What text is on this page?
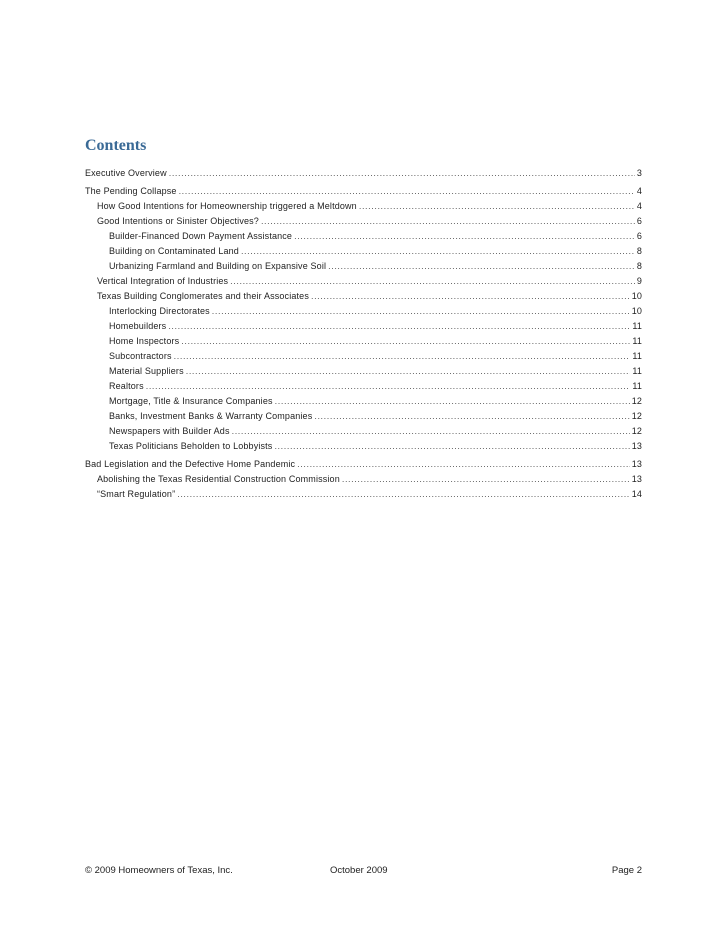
Contents
Executive Overview .....	3
The Pending Collapse .....	4
How Good Intentions for Homeownership triggered a Meltdown .....	4
Good Intentions or Sinister Objectives? .....	6
Builder-Financed Down Payment Assistance .....	6
Building on Contaminated Land .....	8
Urbanizing Farmland and Building on Expansive Soil .....	8
Vertical Integration of Industries .....	9
Texas Building Conglomerates and their Associates .....	10
Interlocking Directorates .....	10
Homebuilders .....	11
Home Inspectors .....	11
Subcontractors .....	11
Material Suppliers .....	11
Realtors .....	11
Mortgage, Title & Insurance Companies .....	12
Banks, Investment Banks & Warranty Companies .....	12
Newspapers with Builder Ads .....	12
Texas Politicians Beholden to Lobbyists .....	13
Bad Legislation and the Defective Home Pandemic .....	13
Abolishing the Texas Residential Construction Commission .....	13
“Smart Regulation” .....	14
© 2009 Homeowners of Texas, Inc.	October 2009	Page 2
